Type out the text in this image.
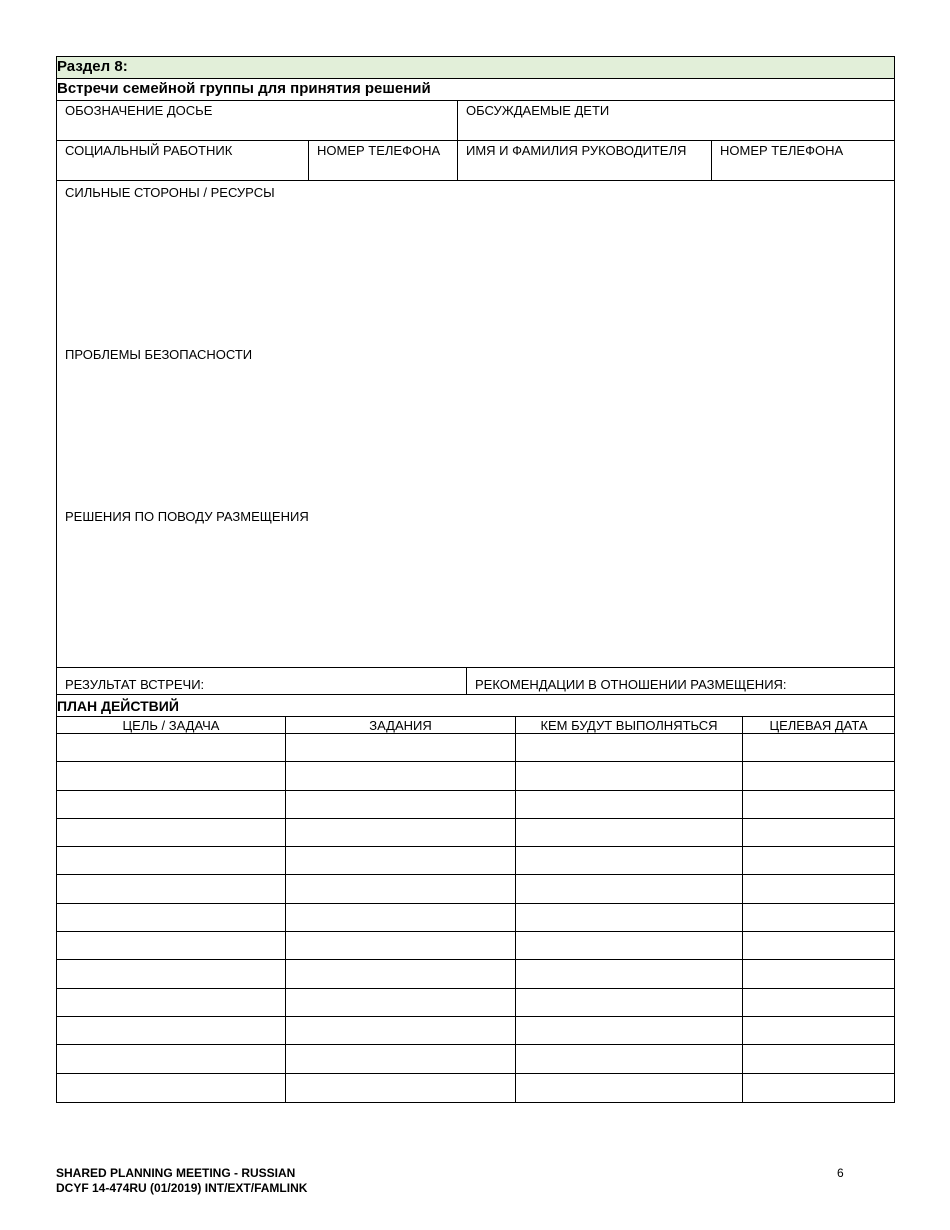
Раздел 8:
Встречи семейной группы для принятия решений
ОБОЗНАЧЕНИЕ ДОСЬЕ	ОБСУЖДАЕМЫЕ ДЕТИ
СОЦИАЛЬНЫЙ РАБОТНИК	НОМЕР ТЕЛЕФОНА	ИМЯ И ФАМИЛИЯ РУКОВОДИТЕЛЯ	НОМЕР ТЕЛЕФОНА
СИЛЬНЫЕ СТОРОНЫ / РЕСУРСЫ
ПРОБЛЕМЫ БЕЗОПАСНОСТИ
РЕШЕНИЯ ПО ПОВОДУ РАЗМЕЩЕНИЯ
РЕЗУЛЬТАТ ВСТРЕЧИ:	РЕКОМЕНДАЦИИ В ОТНОШЕНИИ РАЗМЕЩЕНИЯ:
ПЛАН ДЕЙСТВИЙ
ЦЕЛЬ / ЗАДАЧА	ЗАДАНИЯ	КЕМ БУДУТ ВЫПОЛНЯТЬСЯ	ЦЕЛЕВАЯ ДАТА
SHARED PLANNING MEETING - RUSSIAN
DCYF 14-474RU (01/2019) INT/EXT/FAMLINK
6
